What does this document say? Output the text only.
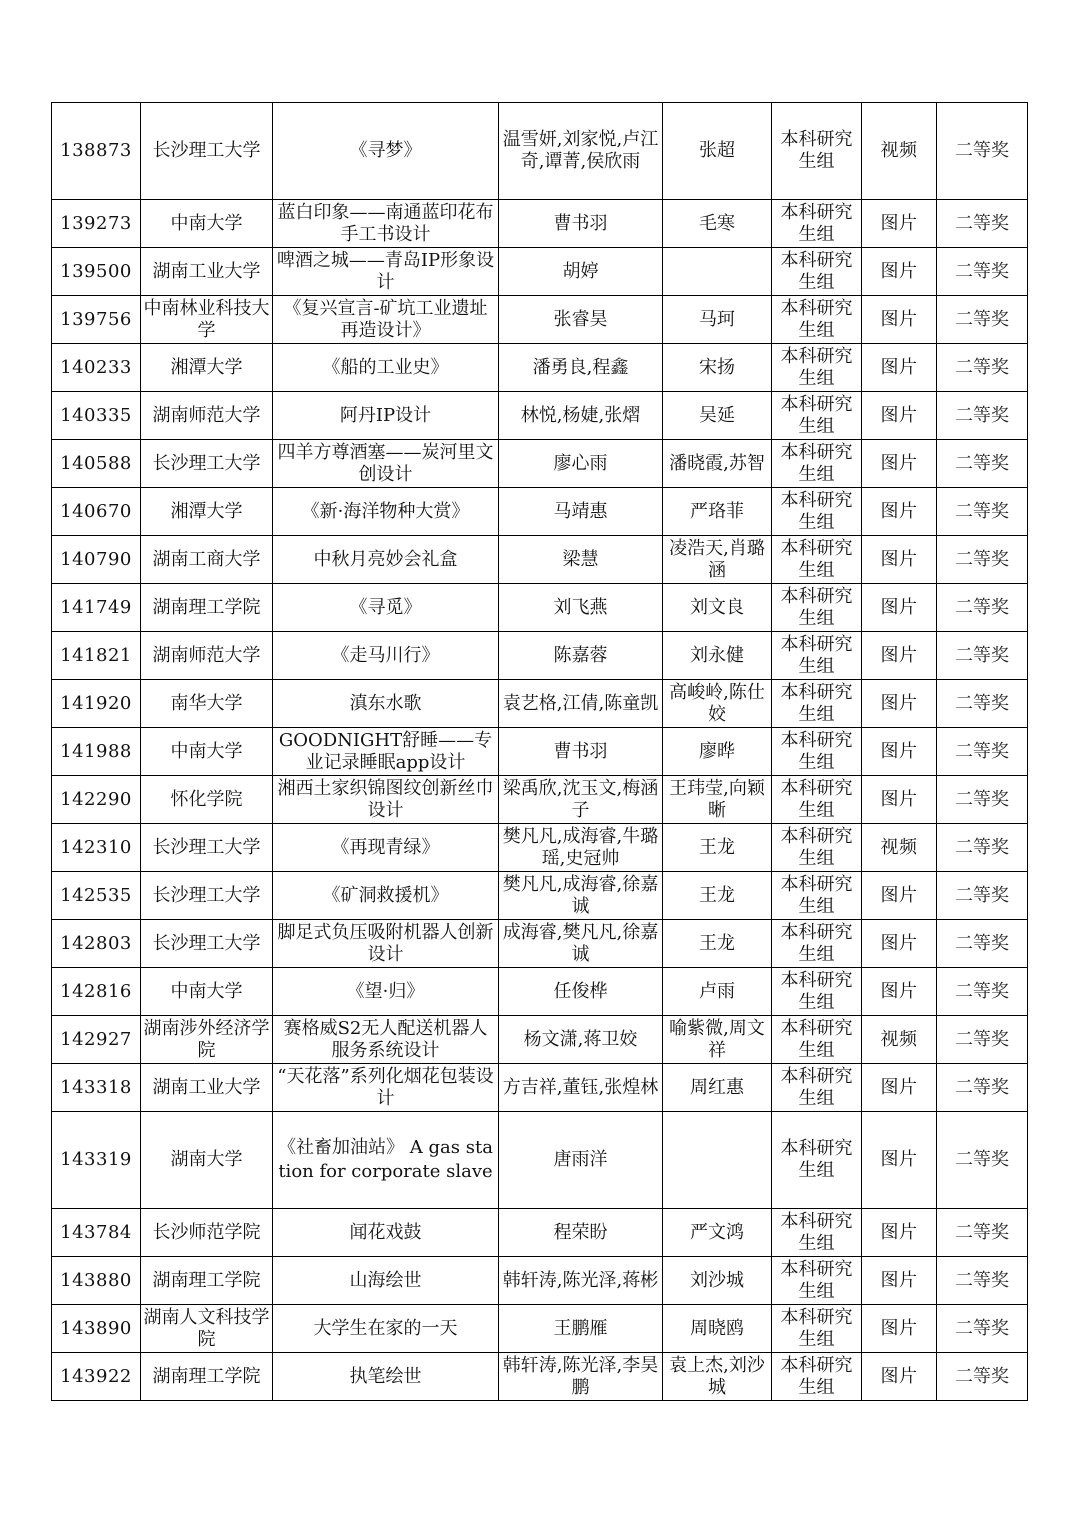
138873	长沙理工大学	《寻梦》	温雪妍,刘家悦,卢江奇,谭菁,侯欣雨	张超	本科研究生组	视频	二等奖
139273	中南大学	蓝白印象——南通蓝印花布手工书设计	曹书羽	毛寒	本科研究生组	图片	二等奖
139500	湖南工业大学	啤酒之城——青岛IP形象设计	胡婷		本科研究生组	图片	二等奖
139756	中南林业科技大学	《复兴宣言-矿坑工业遗址再造设计》	张睿昊	马珂	本科研究生组	图片	二等奖
140233	湘潭大学	《船的工业史》	潘勇良,程鑫	宋扬	本科研究生组	图片	二等奖
140335	湖南师范大学	阿丹IP设计	林悦,杨婕,张熠	吴延	本科研究生组	图片	二等奖
140588	长沙理工大学	四羊方尊酒塞——炭河里文创设计	廖心雨	潘晓霞,苏智	本科研究生组	图片	二等奖
140670	湘潭大学	《新·海洋物种大赏》	马靖惠	严珞菲	本科研究生组	图片	二等奖
140790	湖南工商大学	中秋月亮妙会礼盒	梁慧	凌浩天,肖璐涵	本科研究生组	图片	二等奖
141749	湖南理工学院	《寻觅》	刘飞燕	刘文良	本科研究生组	图片	二等奖
141821	湖南师范大学	《走马川行》	陈嘉蓉	刘永健	本科研究生组	图片	二等奖
141920	南华大学	滇东水歌	袁艺格,江倩,陈童凯	高峻岭,陈仕姣	本科研究生组	图片	二等奖
141988	中南大学	GOODNIGHT舒睡——专业记录睡眠app设计	曹书羽	廖晔	本科研究生组	图片	二等奖
142290	怀化学院	湘西土家织锦图纹创新丝巾设计	梁禹欣,沈玉文,梅涵子	王玮莹,向颖晰	本科研究生组	图片	二等奖
142310	长沙理工大学	《再现青绿》	樊凡凡,成海睿,牛璐瑶,史冠帅	王龙	本科研究生组	视频	二等奖
142535	长沙理工大学	《矿洞救援机》	樊凡凡,成海睿,徐嘉诚	王龙	本科研究生组	图片	二等奖
142803	长沙理工大学	脚足式负压吸附机器人创新设计	成海睿,樊凡凡,徐嘉诚	王龙	本科研究生组	图片	二等奖
142816	中南大学	《望·归》	任俊桦	卢雨	本科研究生组	图片	二等奖
142927	湖南涉外经济学院	赛格威S2无人配送机器人服务系统设计	杨文潇,蒋卫姣	喻紫微,周文祥	本科研究生组	视频	二等奖
143318	湖南工业大学	“天花落”系列化烟花包装设计	方吉祥,董钰,张煌林	周红惠	本科研究生组	图片	二等奖
143319	湖南大学	《社畜加油站》 A gas station for corporate slave	唐雨洋		本科研究生组	图片	二等奖
143784	长沙师范学院	闻花戏鼓	程荣盼	严文鸿	本科研究生组	图片	二等奖
143880	湖南理工学院	山海绘世	韩轩涛,陈光泽,蒋彬	刘沙城	本科研究生组	图片	二等奖
143890	湖南人文科技学院	大学生在家的一天	王鹏雁	周晓鸥	本科研究生组	图片	二等奖
143922	湖南理工学院	执笔绘世	韩轩涛,陈光泽,李昊鹏	袁上杰,刘沙城	本科研究生组	图片	二等奖
